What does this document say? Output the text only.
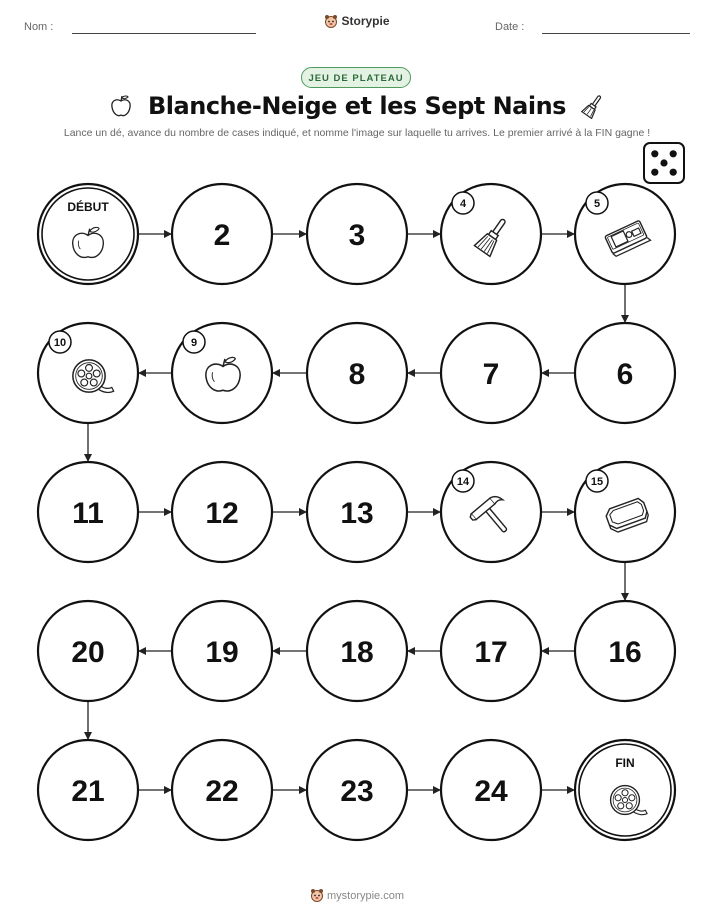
Nom :	Storypie	Date :
JEU DE PLATEAU
Blanche-Neige et les Sept Nains
Lance un dé, avance du nombre de cases indiqué, et nomme l'image sur laquelle tu arrives. Le premier arrivé à la FIN gagne !
DÉBUT
2	3
4	5
6
7
8
9
10
11	12	13
14	15
16
17
18
19
20
21	22	23	24
FIN
mystorypie.com
